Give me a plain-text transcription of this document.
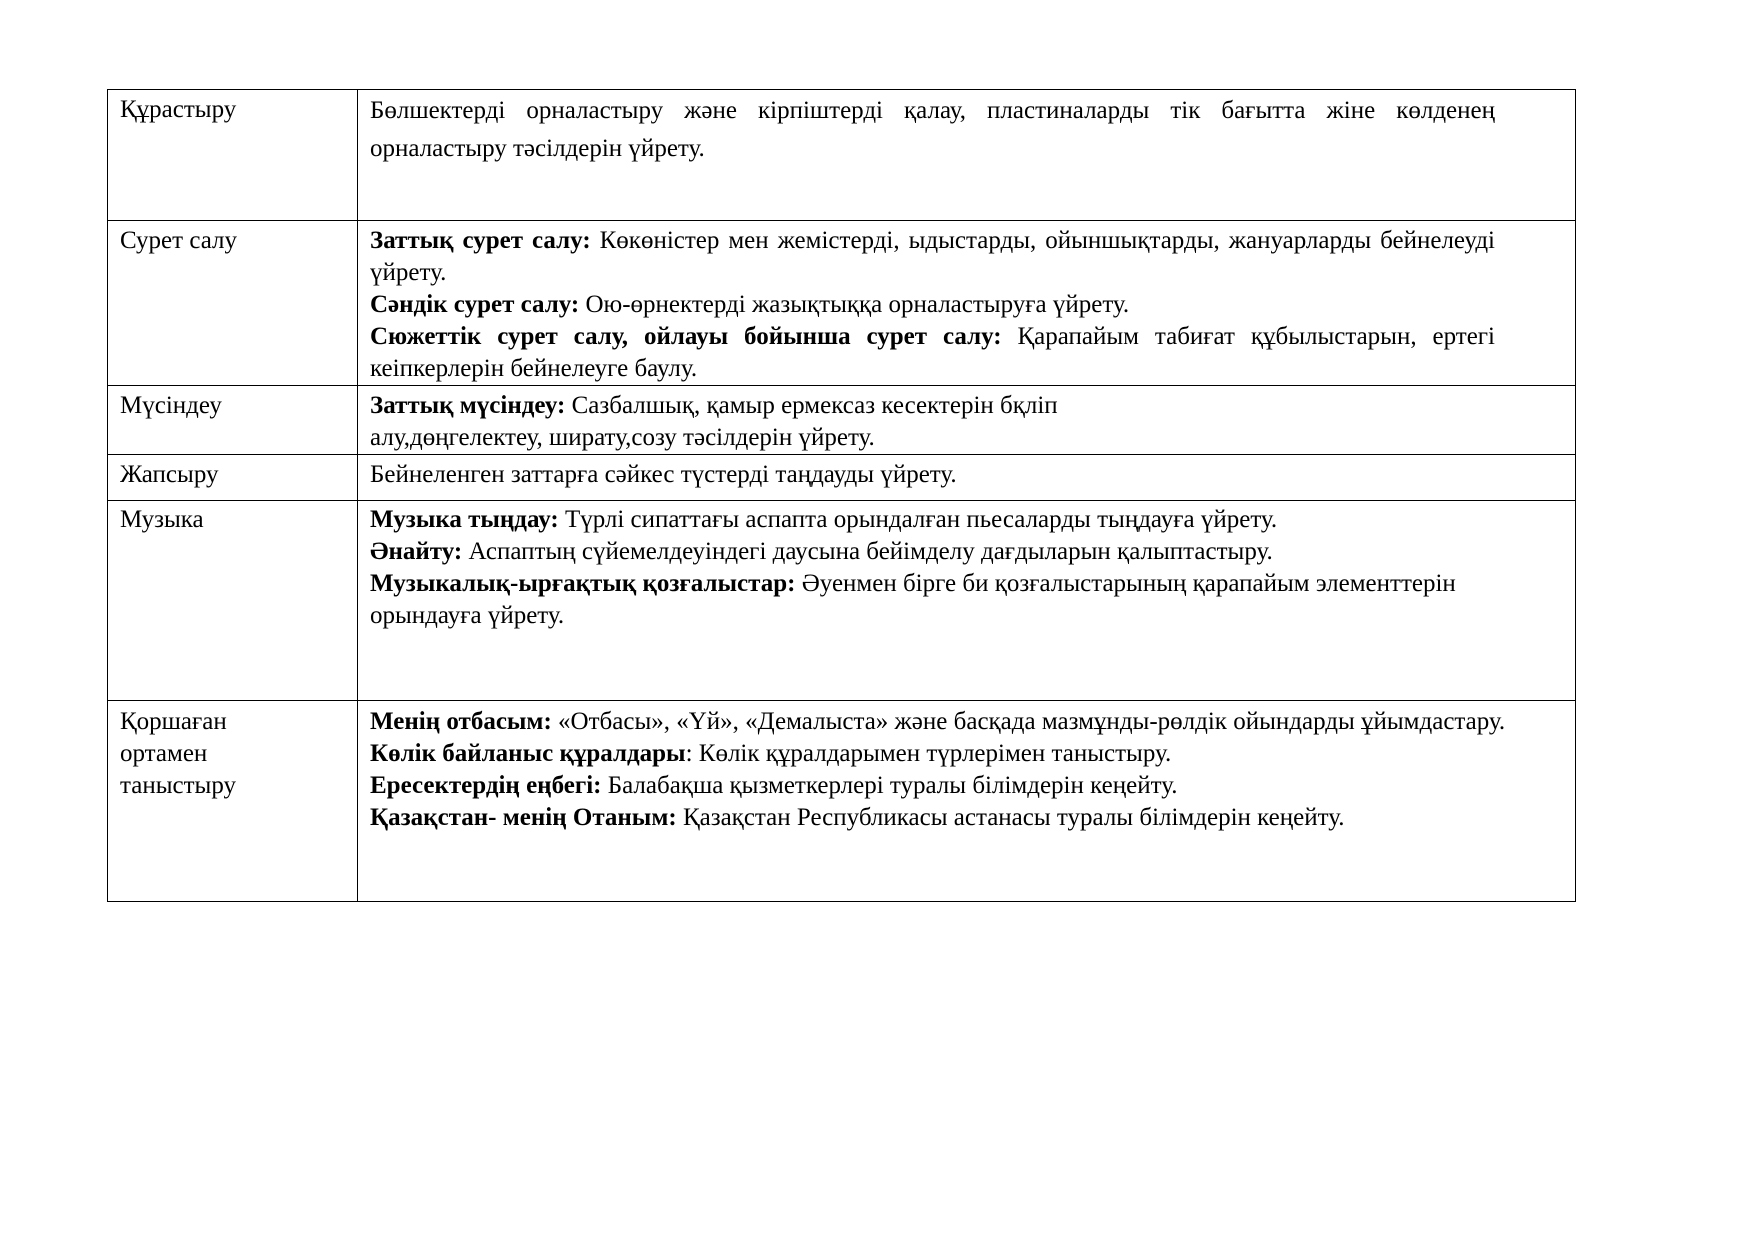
Құрастыру	Бөлшектерді орналастыру және кірпіштерді қалау, пластиналарды тік бағытта жіне көлденең орналастыру тәсілдерін үйрету.

Сурет салу	Заттық сурет салу: Көкөністер мен жемістерді, ыдыстарды, ойыншықтарды, жануарларды бейнелеуді үйрету.

Сәндік сурет салу: Ою-өрнектерді жазықтыққа орналастыруға үйрету.

Сюжеттік сурет салу, ойлауы бойынша сурет салу: Қарапайым табиғат құбылыстарын, ертегі кеіпкерлерін бейнелеуге баулу.

Мүсіндеу	Заттық мүсіндеу: Сазбалшық, қамыр ермексаз кесектерін бқліп алу,дөңгелектеу, ширату,созу тәсілдерін үйрету.

Жапсыру	Бейнеленген заттарға сәйкес түстерді таңдауды үйрету.

Музыка	Музыка тыңдау: Түрлі сипаттағы аспапта орындалған пьесаларды тыңдауға үйрету.

Әнайту: Аспаптың сүйемелдеуіндегі даусына бейімделу дағдыларын қалыптастыру.

Музыкалық-ырғақтық қозғалыстар: Әуенмен бірге би қозғалыстарының қарапайым элементтерін орындауға үйрету.

Қоршаған ортамен таныстыру	Менің отбасым: «Отбасы», «Үй», «Демалыста» және басқада мазмұнды-рөлдік ойындарды ұйымдастару.

Көлік байланыс құралдары: Көлік құралдарымен түрлерімен таныстыру.

Ересектердің еңбегі: Балабақша қызметкерлері туралы білімдерін кеңейту.

Қазақстан- менің Отаным: Қазақстан Республикасы астанасы туралы білімдерін кеңейту.
